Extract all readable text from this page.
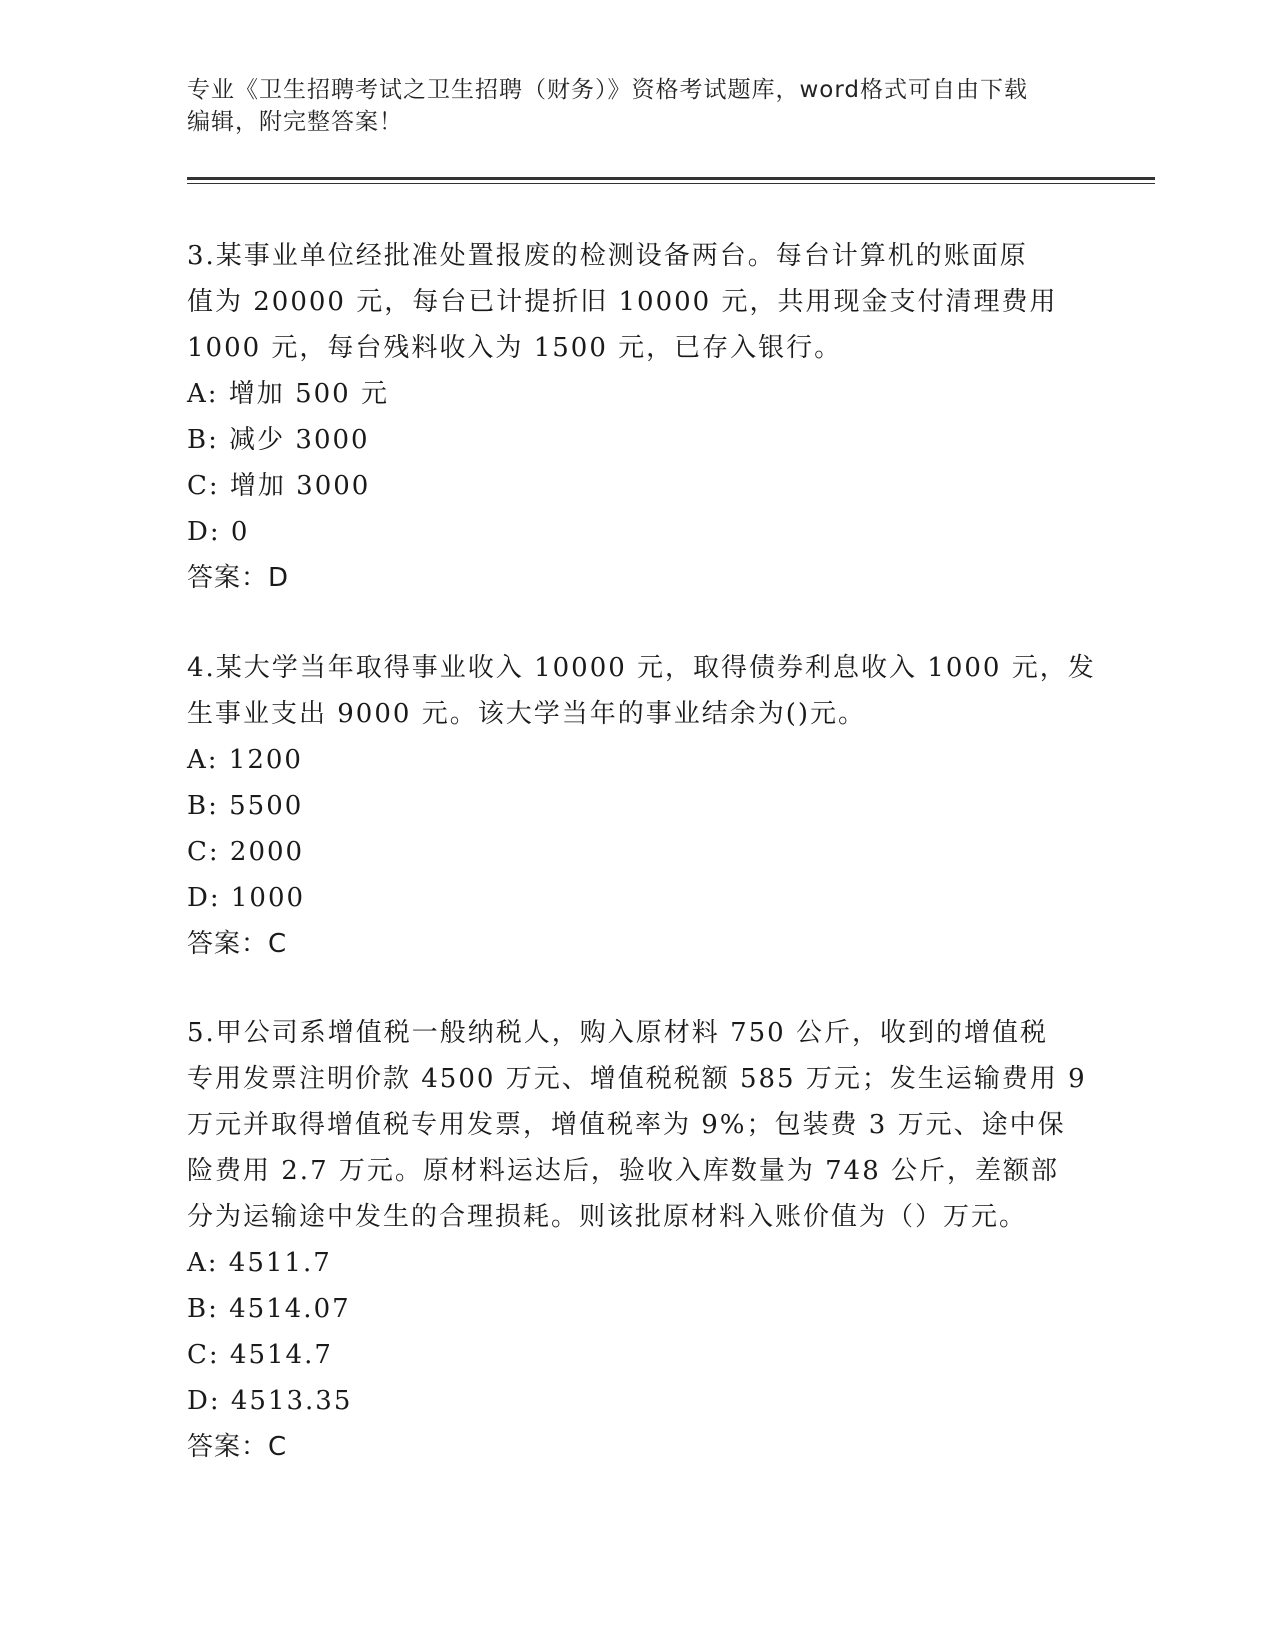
专业《卫生招聘考试之卫生招聘（财务）》资格考试题库，word格式可自由下载
编辑，附完整答案！
3.某事业单位经批准处置报废的检测设备两台。每台计算机的账面原
值为 20000 元，每台已计提折旧 10000 元，共用现金支付清理费用
1000 元，每台残料收入为 1500 元，已存入银行。
A: 增加 500 元
B: 减少 3000
C: 增加 3000
D: 0
答案：D
4.某大学当年取得事业收入 10000 元，取得债券利息收入 1000 元，发
生事业支出 9000 元。该大学当年的事业结余为()元。
A: 1200
B: 5500
C: 2000
D: 1000
答案：C
5.甲公司系增值税一般纳税人，购入原材料 750 公斤，收到的增值税
专用发票注明价款 4500 万元、增值税税额 585 万元；发生运输费用 9
万元并取得增值税专用发票，增值税率为 9%；包装费 3 万元、途中保
险费用 2.7 万元。原材料运达后，验收入库数量为 748 公斤，差额部
分为运输途中发生的合理损耗。则该批原材料入账价值为（）万元。
A: 4511.7
B: 4514.07
C: 4514.7
D: 4513.35
答案：C
